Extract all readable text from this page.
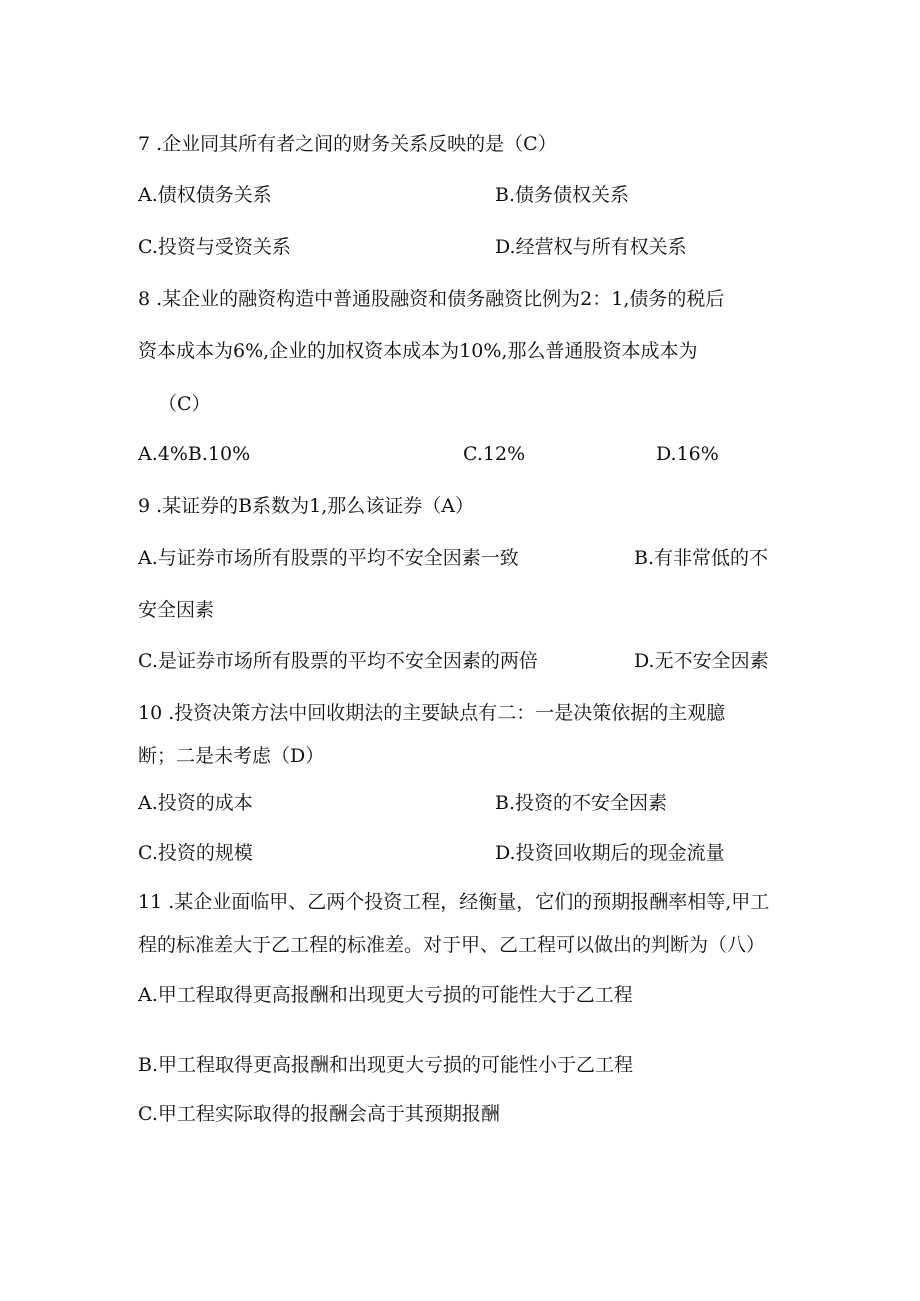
7 .企业同其所有者之间的财务关系反映的是（C）
A.债权债务关系	B.债务债权关系
C.投资与受资关系	D.经营权与所有权关系
8 .某企业的融资构造中普通股融资和债务融资比例为2：1,债务的税后
资本成本为6%,企业的加权资本成本为10%,那么普通股资本成本为
（C）
A.4%B.10%	C.12%	D.16%
9 .某证券的B系数为1,那么该证券（A）
A.与证券市场所有股票的平均不安全因素一致	B.有非常低的不
安全因素
C.是证券市场所有股票的平均不安全因素的两倍	D.无不安全因素
10 .投资决策方法中回收期法的主要缺点有二：一是决策依据的主观臆
断；二是未考虑（D）
A.投资的成本	B.投资的不安全因素
C.投资的规模	D.投资回收期后的现金流量
11 .某企业面临甲、乙两个投资工程，经衡量，它们的预期报酬率相等,甲工
程的标准差大于乙工程的标准差。对于甲、乙工程可以做出的判断为（八）
A.甲工程取得更高报酬和出现更大亏损的可能性大于乙工程
B.甲工程取得更高报酬和出现更大亏损的可能性小于乙工程
C.甲工程实际取得的报酬会高于其预期报酬
